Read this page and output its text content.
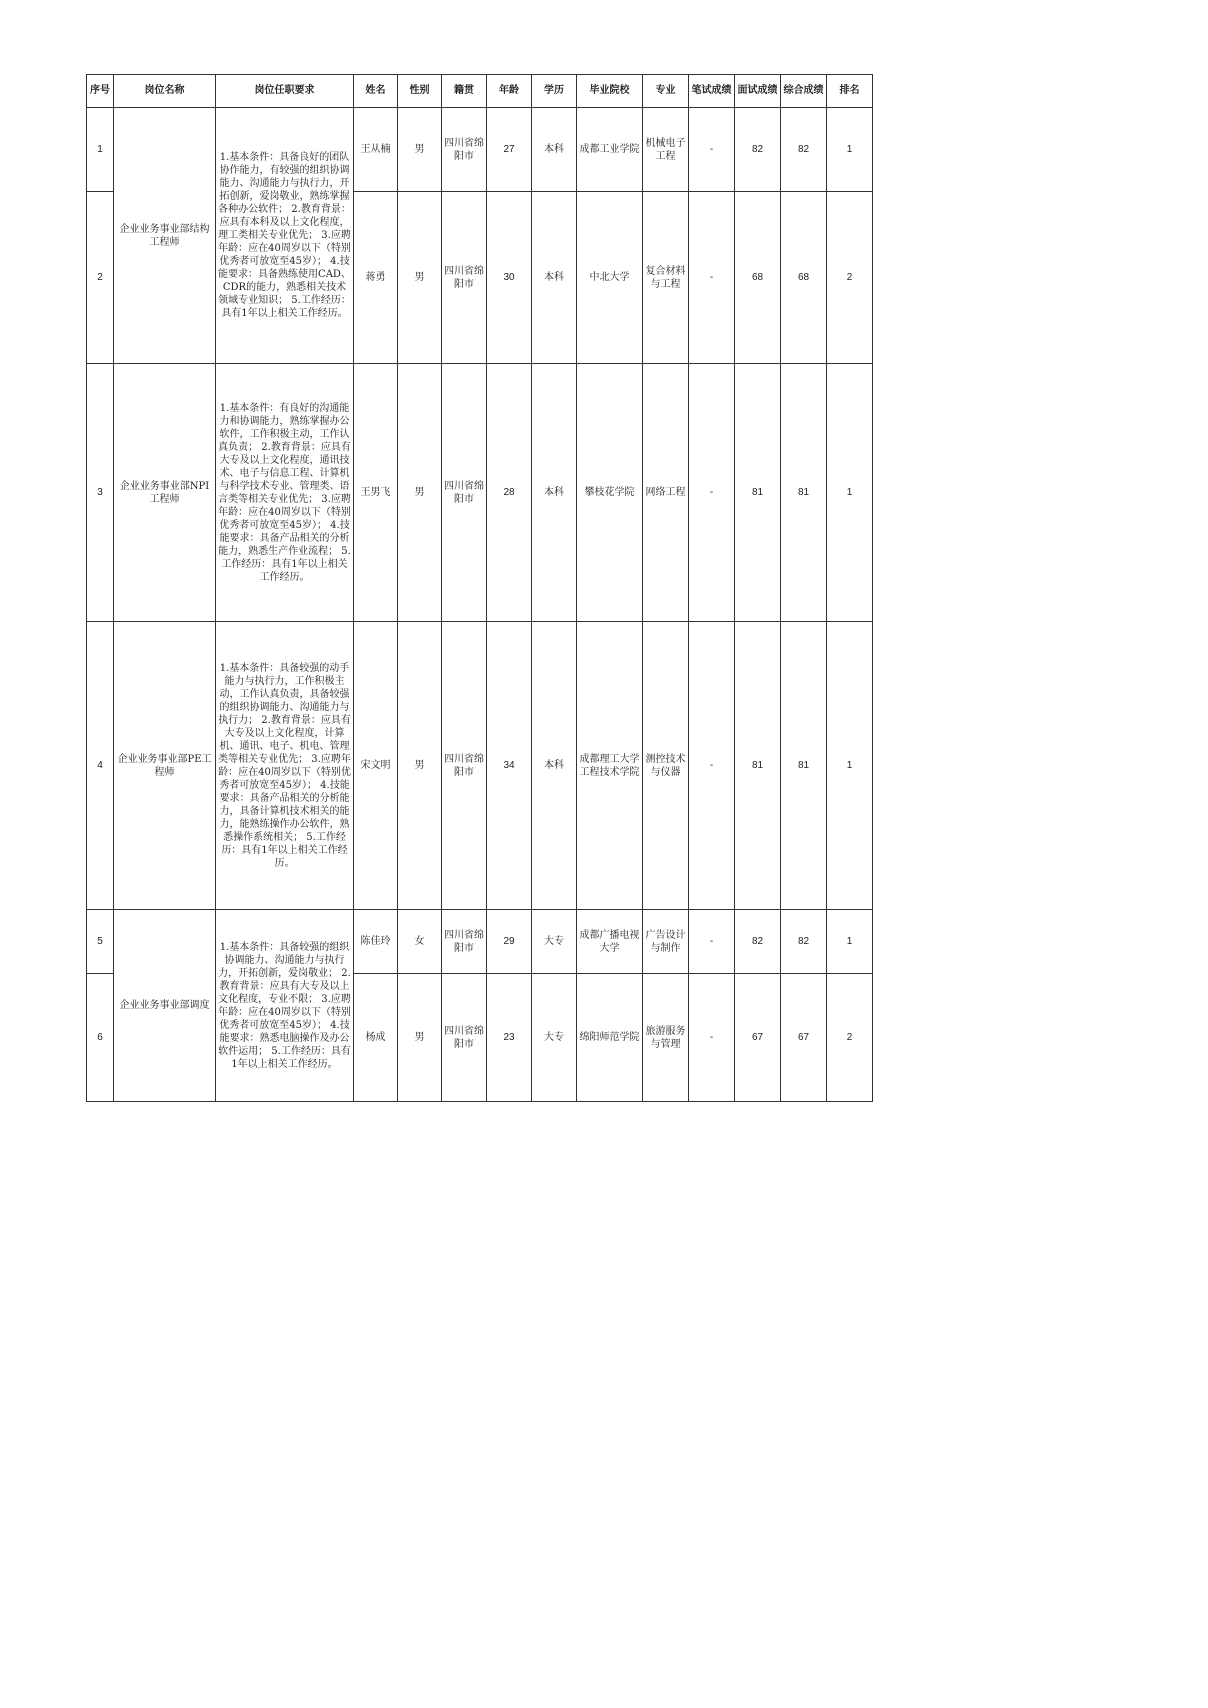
序号	岗位名称	岗位任职要求	姓名	性别	籍贯	年龄	学历	毕业院校	专业	笔试成绩	面试成绩	综合成绩	排名
1	企业业务事业部结构工程师	1.基本条件：具备良好的团队协作能力，有较强的组织协调能力、沟通能力与执行力，开拓创新，爱岗敬业，熟练掌握各种办公软件； 2.教育背景：应具有本科及以上文化程度，理工类相关专业优先； 3.应聘年龄：应在40周岁以下（特别优秀者可放宽至45岁）； 4.技能要求：具备熟练使用CAD、CDR的能力，熟悉相关技术领域专业知识； 5.工作经历：具有1年以上相关工作经历。	王从楠	男	四川省绵阳市	27	本科	成都工业学院	机械电子工程	-	82	82	1
2			蒋勇	男	四川省绵阳市	30	本科	中北大学	复合材料与工程	-	68	68	2
3	企业业务事业部NPI工程师	1.基本条件：有良好的沟通能力和协调能力，熟练掌握办公软件，工作积极主动，工作认真负责； 2.教育背景：应具有大专及以上文化程度，通讯技术、电子与信息工程、计算机与科学技术专业、管理类、语言类等相关专业优先； 3.应聘年龄：应在40周岁以下（特别优秀者可放宽至45岁）； 4.技能要求：具备产品相关的分析能力，熟悉生产作业流程； 5.工作经历：具有1年以上相关工作经历。	王男飞	男	四川省绵阳市	28	本科	攀枝花学院	网络工程	-	81	81	1
4	企业业务事业部PE工程师	1.基本条件：具备较强的动手能力与执行力，工作积极主动，工作认真负责，具备较强的组织协调能力、沟通能力与执行力； 2.教育背景：应具有大专及以上文化程度，计算机、通讯、电子、机电、管理类等相关专业优先； 3.应聘年龄：应在40周岁以下（特别优秀者可放宽至45岁）； 4.技能要求：具备产品相关的分析能力，具备计算机技术相关的能力，能熟练操作办公软件，熟悉操作系统相关； 5.工作经历：具有1年以上相关工作经历。	宋文明	男	四川省绵阳市	34	本科	成都理工大学工程技术学院	测控技术与仪器	-	81	81	1
5	企业业务事业部调度	1.基本条件：具备较强的组织协调能力、沟通能力与执行力，开拓创新，爱岗敬业； 2.教育背景：应具有大专及以上文化程度，专业不限； 3.应聘年龄：应在40周岁以下（特别优秀者可放宽至45岁）； 4.技能要求：熟悉电脑操作及办公软件运用； 5.工作经历：具有1年以上相关工作经历。	陈佳玲	女	四川省绵阳市	29	大专	成都广播电视大学	广告设计与制作	-	82	82	1
6			杨成	男	四川省绵阳市	23	大专	绵阳师范学院	旅游服务与管理	-	67	67	2
